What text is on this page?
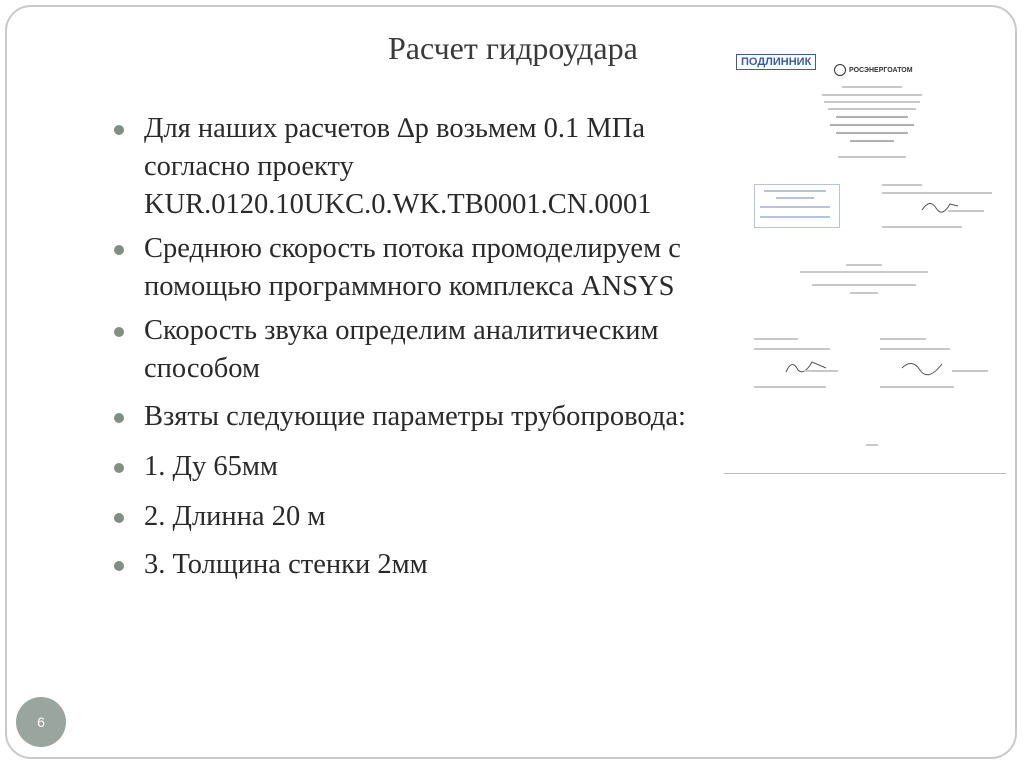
Расчет гидроудара
Для наших расчетов ∆p возьмем 0.1 МПа согласно проекту KUR.0120.10UKC.0.WK.TB0001.CN.0001
Среднюю скорость потока промоделируем с помощью программного комплекса ANSYS
Скорость звука определим аналитическим способом
Взяты следующие параметры трубопровода:
1. Ду 65мм
2. Длинна 20 м
3. Толщина стенки 2мм
ПОДЛИННИК
РОСЭНЕРГОАТОМ
6
